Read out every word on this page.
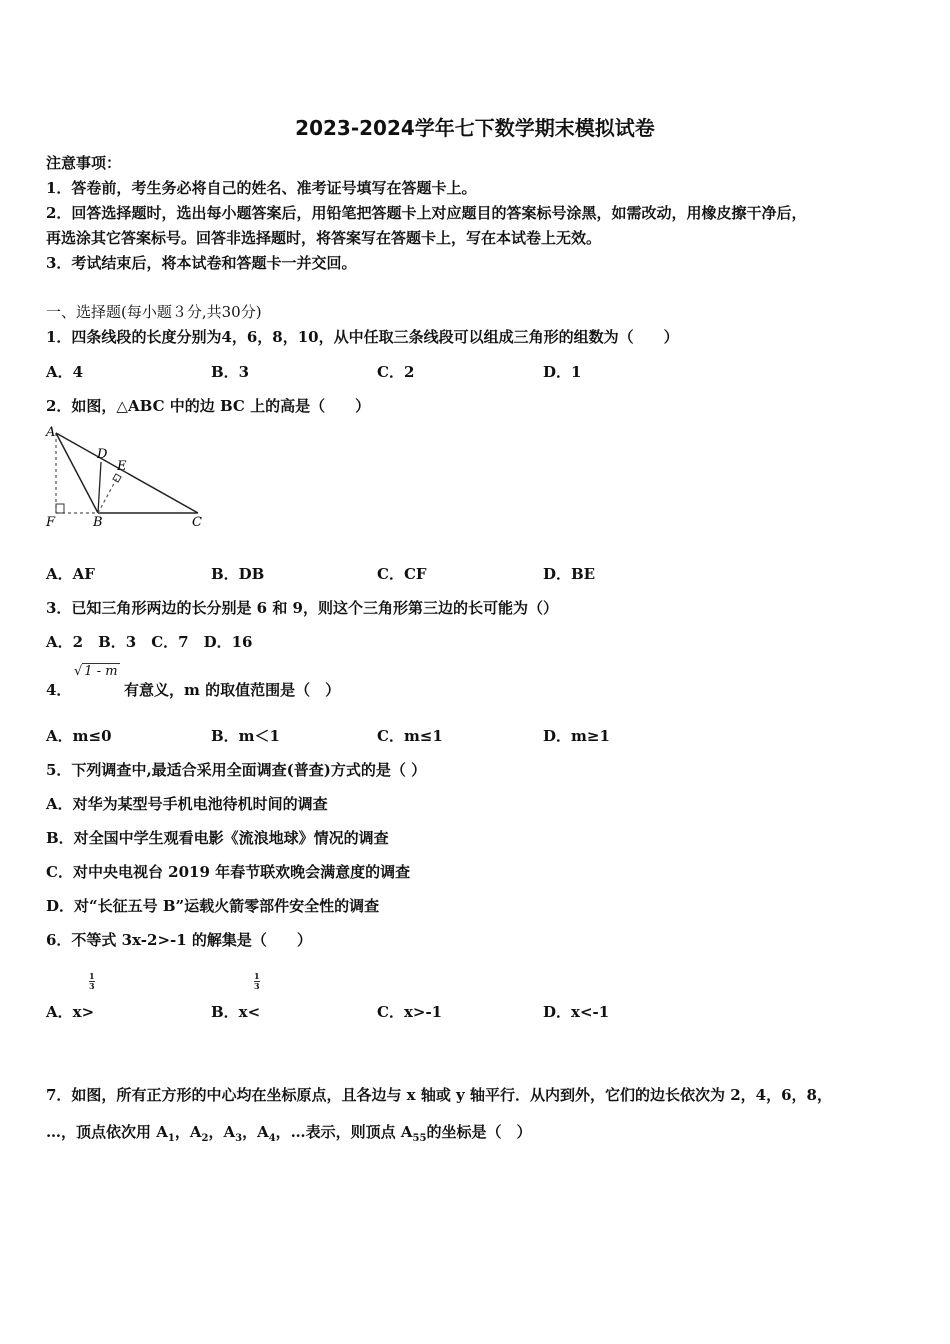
2023-2024学年七下数学期末模拟试卷
注意事项：
1．答卷前，考生务必将自己的姓名、准考证号填写在答题卡上。
2．回答选择题时，选出每小题答案后，用铅笔把答题卡上对应题目的答案标号涂黑，如需改动，用橡皮擦干净后，
再选涂其它答案标号。回答非选择题时，将答案写在答题卡上，写在本试卷上无效。
3．考试结束后，将本试卷和答题卡一并交回。
一、选择题(每小题３分,共30分)
1．四条线段的长度分别为4，6，8，10，从中任取三条线段可以组成三角形的组数为（　　）
A．4	B．3	C．2	D．1
2．如图，△ABC 中的边 BC 上的高是（　　）
A
D
E
F	B	C
A．AF	B．DB	C．CF	D．BE
3．已知三角形两边的长分别是 6 和 9，则这个三角形第三边的长可能为（）
A．2　B．3　C．7　D．16
√ 1 - m
4．	有意义，m 的取值范围是（　）
A．m≤0	B．m＜1	C．m≤1	D．m≥1
5．下列调查中,最适合采用全面调查(普查)方式的是（ ）
A．对华为某型号手机电池待机时间的调查
B．对全国中学生观看电影《流浪地球》情况的调查
C．对中央电视台 2019 年春节联欢晚会满意度的调查
D．对“长征五号 B”运载火箭零部件安全性的调查
6．不等式 3x-2>-1 的解集是（　　）
$\frac{1}{3}$	$\frac{1}{3}$
A．x>	B．x<	C．x>-1	D．x<-1
7．如图，所有正方形的中心均在坐标原点，且各边与 x 轴或 y 轴平行．从内到外，它们的边长依次为 2，4，6，8，
…，顶点依次用 $A_1$，$A_2$，$A_3$，$A_4$，…表示，则顶点 $A_{55}$的坐标是（　）
